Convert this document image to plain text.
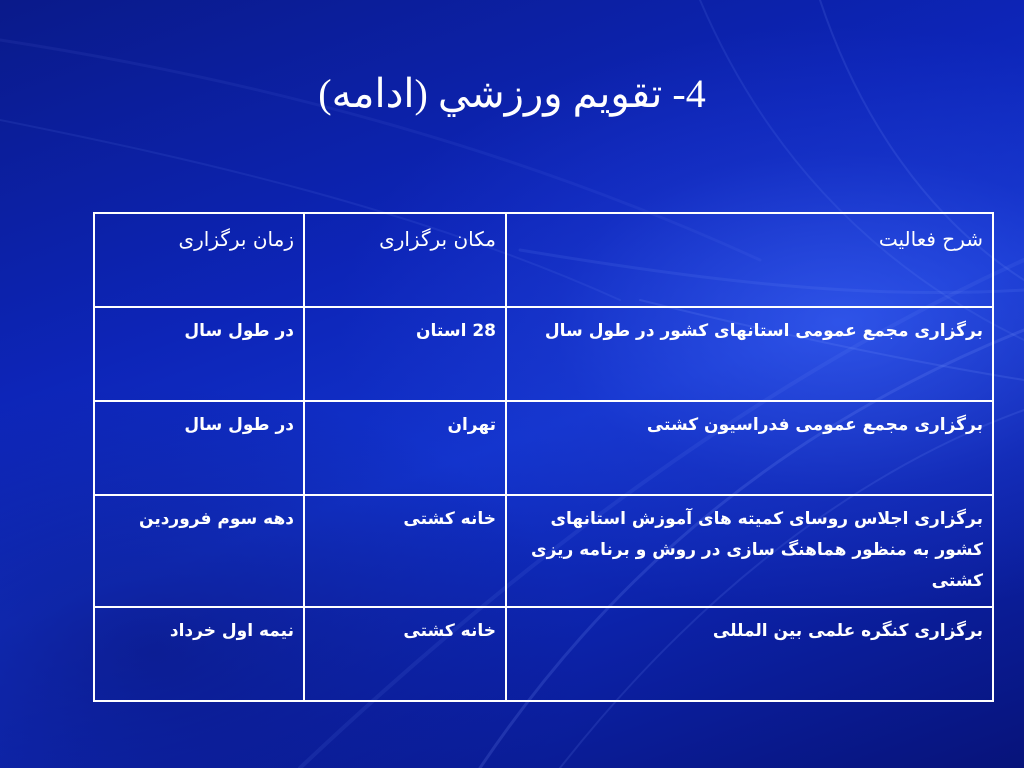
4- تقويم ورزشي (ادامه)
شرح فعالیت	مکان برگزاری	زمان برگزاری
برگزاری مجمع عمومی استانهای کشور در طول سال	28 استان	در طول سال
برگزاری مجمع عمومی فدراسیون کشتی	تهران	در طول سال
برگزاری اجلاس روسای کمیته های آموزش استانهای کشور به منظور هماهنگ سازی در روش و برنامه ریزی کشتی	خانه کشتی	دهه سوم فروردین
برگزاری کنگره علمی بین المللی	خانه کشتی	نیمه اول خرداد
